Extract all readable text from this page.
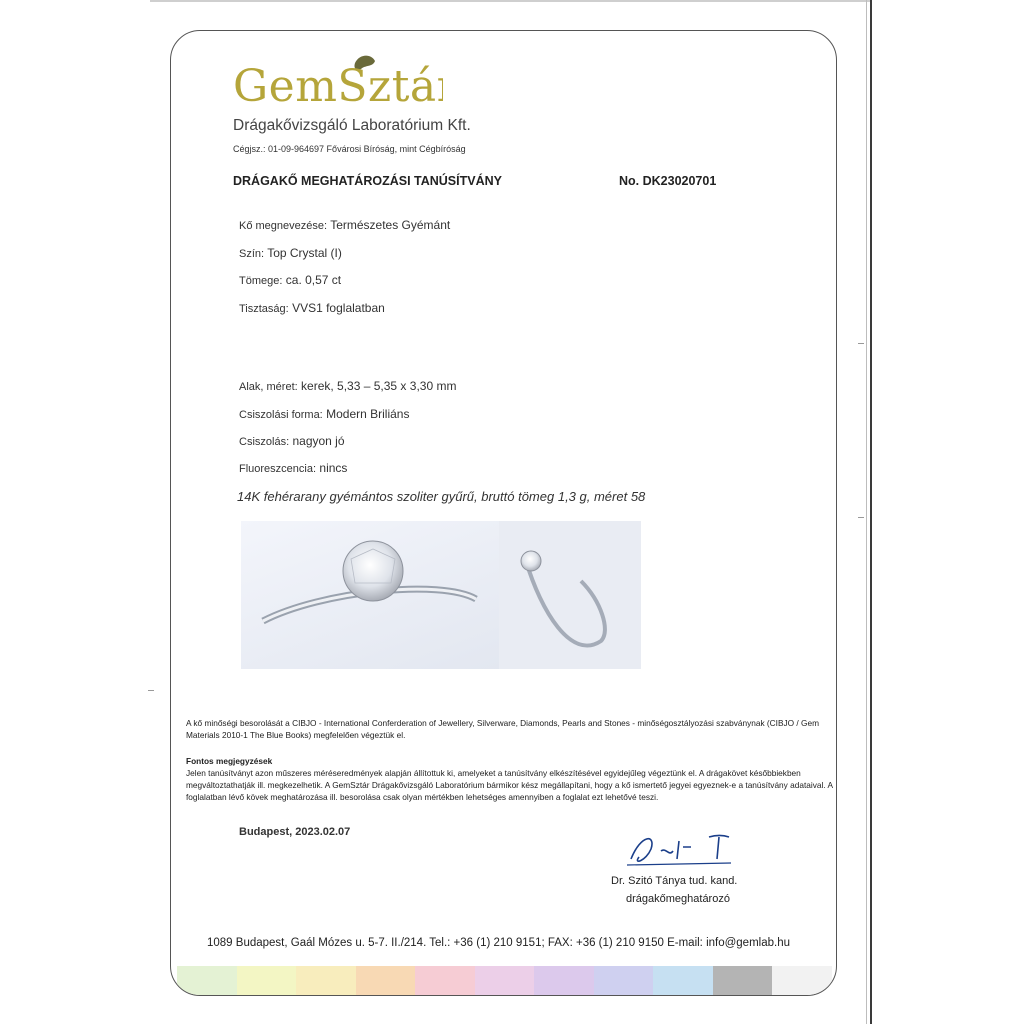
GemSztár
Drágakővizsgáló Laboratórium Kft.
Cégjsz.: 01-09-964697 Fővárosi Bíróság, mint Cégbíróság
DRÁGAKŐ MEGHATÁROZÁSI TANÚSÍTVÁNY	No. DK23020701
Kő megnevezése: Természetes Gyémánt
Szín: Top Crystal (I)
Tömege: ca. 0,57 ct
Tisztaság: VVS1 foglalatban
Alak, méret: kerek, 5,33 – 5,35 x 3,30 mm
Csiszolási forma: Modern Briliáns
Csiszolás: nagyon jó
Fluoreszcencia: nincs
14K fehérarany gyémántos szoliter gyűrű, bruttó tömeg 1,3 g, méret 58
A kő minőségi besorolását a CIBJO - International Conferderation of Jewellery, Silverware, Diamonds, Pearls and Stones - minőségosztályozási szabványnak (CIBJO / Gem Materials 2010-1 The Blue Books) megfelelően végeztük el.
Fontos megjegyzések
Jelen tanúsítványt azon műszeres méréseredmények alapján állítottuk ki, amelyeket a tanúsítvány elkészítésével egyidejűleg végeztünk el. A drágakövet későbbiekben megváltoztathatják ill. megkezelhetik. A GemSztár Drágakővizsgáló Laboratórium bármikor kész megállapítani, hogy a kő ismertető jegyei egyeznek-e a tanúsítvány adataival. A foglalatban lévő kövek meghatározása ill. besorolása csak olyan mértékben lehetséges amennyiben a foglalat ezt lehetővé teszi.
Budapest, 2023.02.07
Dr. Szitó Tánya tud. kand.
drágakőmeghatározó
1089 Budapest, Gaál Mózes u. 5-7. II./214. Tel.: +36 (1) 210 9151; FAX: +36 (1) 210 9150 E-mail: info@gemlab.hu
